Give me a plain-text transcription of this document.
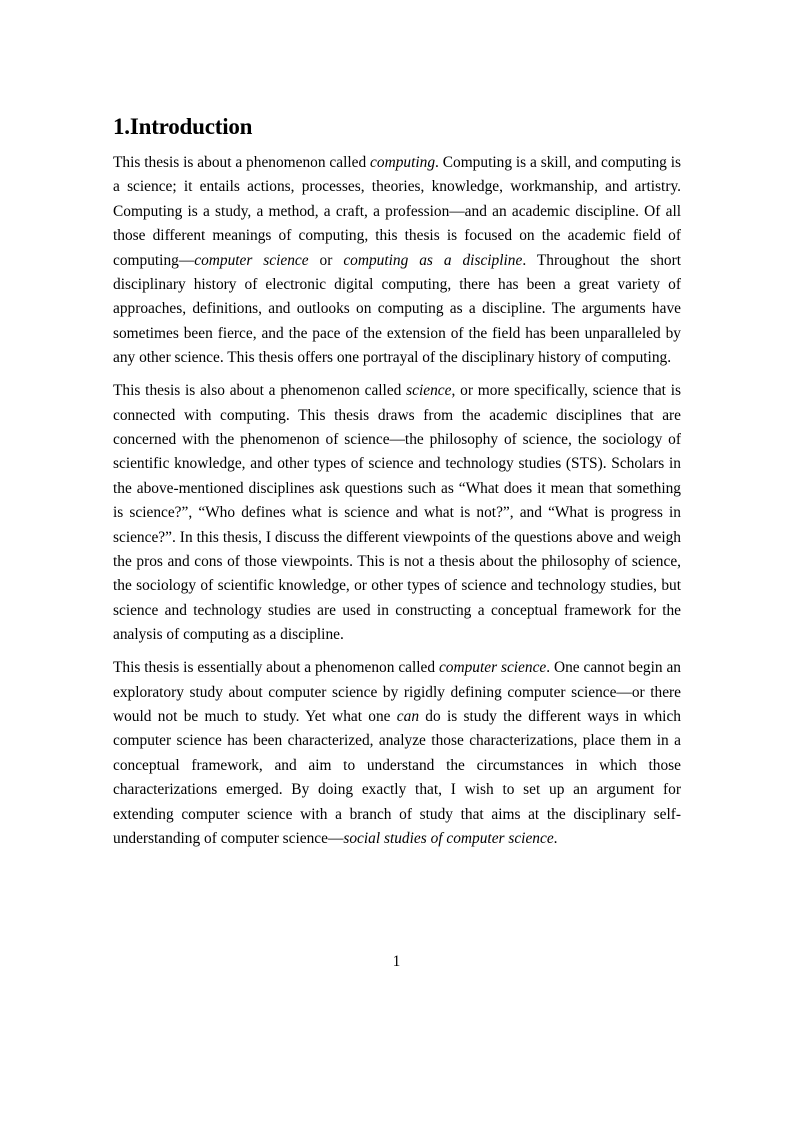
1.Introduction

This thesis is about a phenomenon called computing. Computing is a skill, and computing is a science; it entails actions, processes, theories, knowledge, workmanship, and artistry. Computing is a study, a method, a craft, a profession—and an academic discipline. Of all those different meanings of computing, this thesis is focused on the academic field of computing—computer science or computing as a discipline. Throughout the short disciplinary history of electronic digital computing, there has been a great variety of approaches, definitions, and outlooks on computing as a discipline. The arguments have sometimes been fierce, and the pace of the extension of the field has been unparalleled by any other science. This thesis offers one portrayal of the disciplinary history of computing.

This thesis is also about a phenomenon called science, or more specifically, science that is connected with computing. This thesis draws from the academic disciplines that are concerned with the phenomenon of science—the philosophy of science, the sociology of scientific knowledge, and other types of science and technology studies (STS). Scholars in the above-mentioned disciplines ask questions such as “What does it mean that something is science?”, “Who defines what is science and what is not?”, and “What is progress in science?”. In this thesis, I discuss the different viewpoints of the questions above and weigh the pros and cons of those viewpoints. This is not a thesis about the philosophy of science, the sociology of scientific knowledge, or other types of science and technology studies, but science and technology studies are used in constructing a conceptual framework for the analysis of computing as a discipline.

This thesis is essentially about a phenomenon called computer science. One cannot begin an exploratory study about computer science by rigidly defining computer science—or there would not be much to study. Yet what one can do is study the different ways in which computer science has been characterized, analyze those characterizations, place them in a conceptual framework, and aim to understand the circumstances in which those characterizations emerged. By doing exactly that, I wish to set up an argument for extending computer science with a branch of study that aims at the disciplinary self-understanding of computer science—social studies of computer science.

1
